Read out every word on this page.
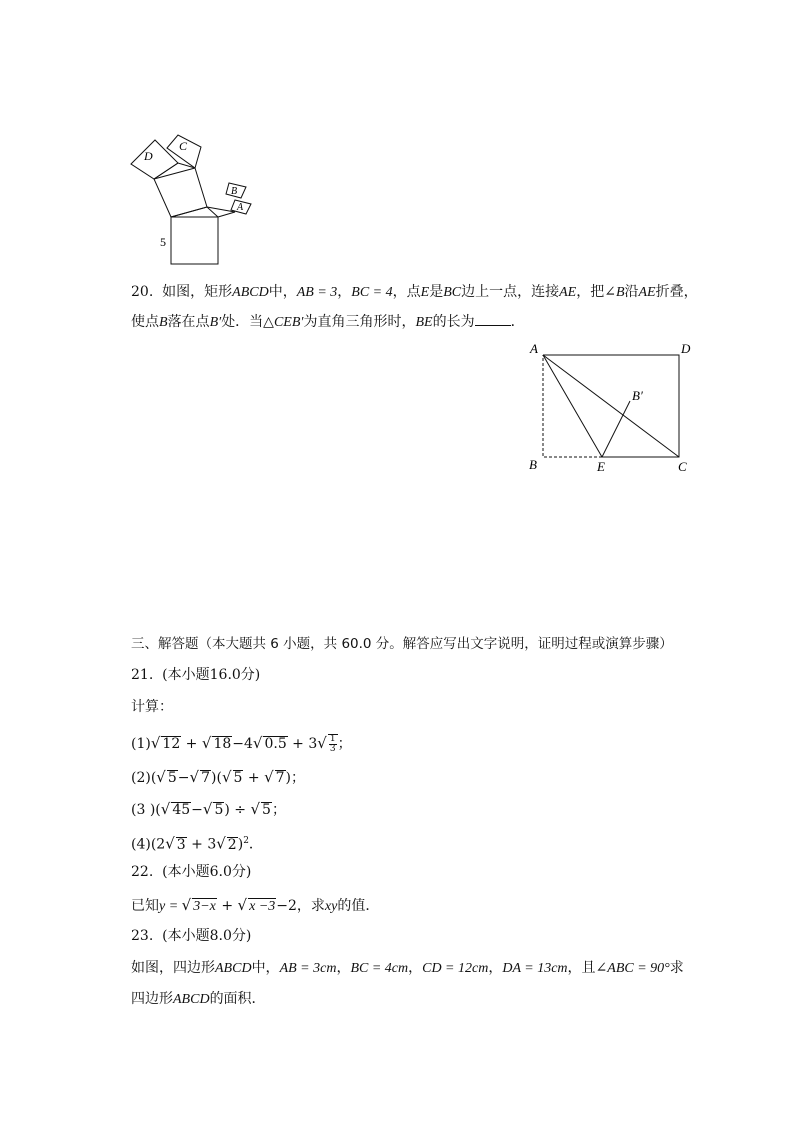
D
C
B
A
5
20. 如图，矩形ABCD中，AB = 3，BC = 4，点E是BC边上一点，连接AE，把∠B沿AE折叠，
使点B落在点B′处．当△CEB′为直角三角形时，BE的长为	．
A	D
B′
B	E	C
三、解答题（本大题共 6 小题，共 60.0 分。解答应写出文字说明，证明过程或演算步骤）
21. (本小题16.0分)
计算：
(1)√ 12 + √ 18−4√ $0.5 + 3√ \frac{1}{3}$ ；
(2)(√ 5−√ 7)(√ 5 + √ 7)；
(3 )(√ 45−√ 5) ÷ √ 5；
(4)(2√ 3 + 3√ 2)$^2$．
22. (本小题6.0分)
已知y = √ 3−x + √ x −3−2，求xy的值．
23. (本小题8.0分)
如图，四边形ABCD中，AB = 3cm，BC = 4cm，CD = 12cm，DA = 13cm，且∠ABC = 90°求
四边形ABCD的面积．
